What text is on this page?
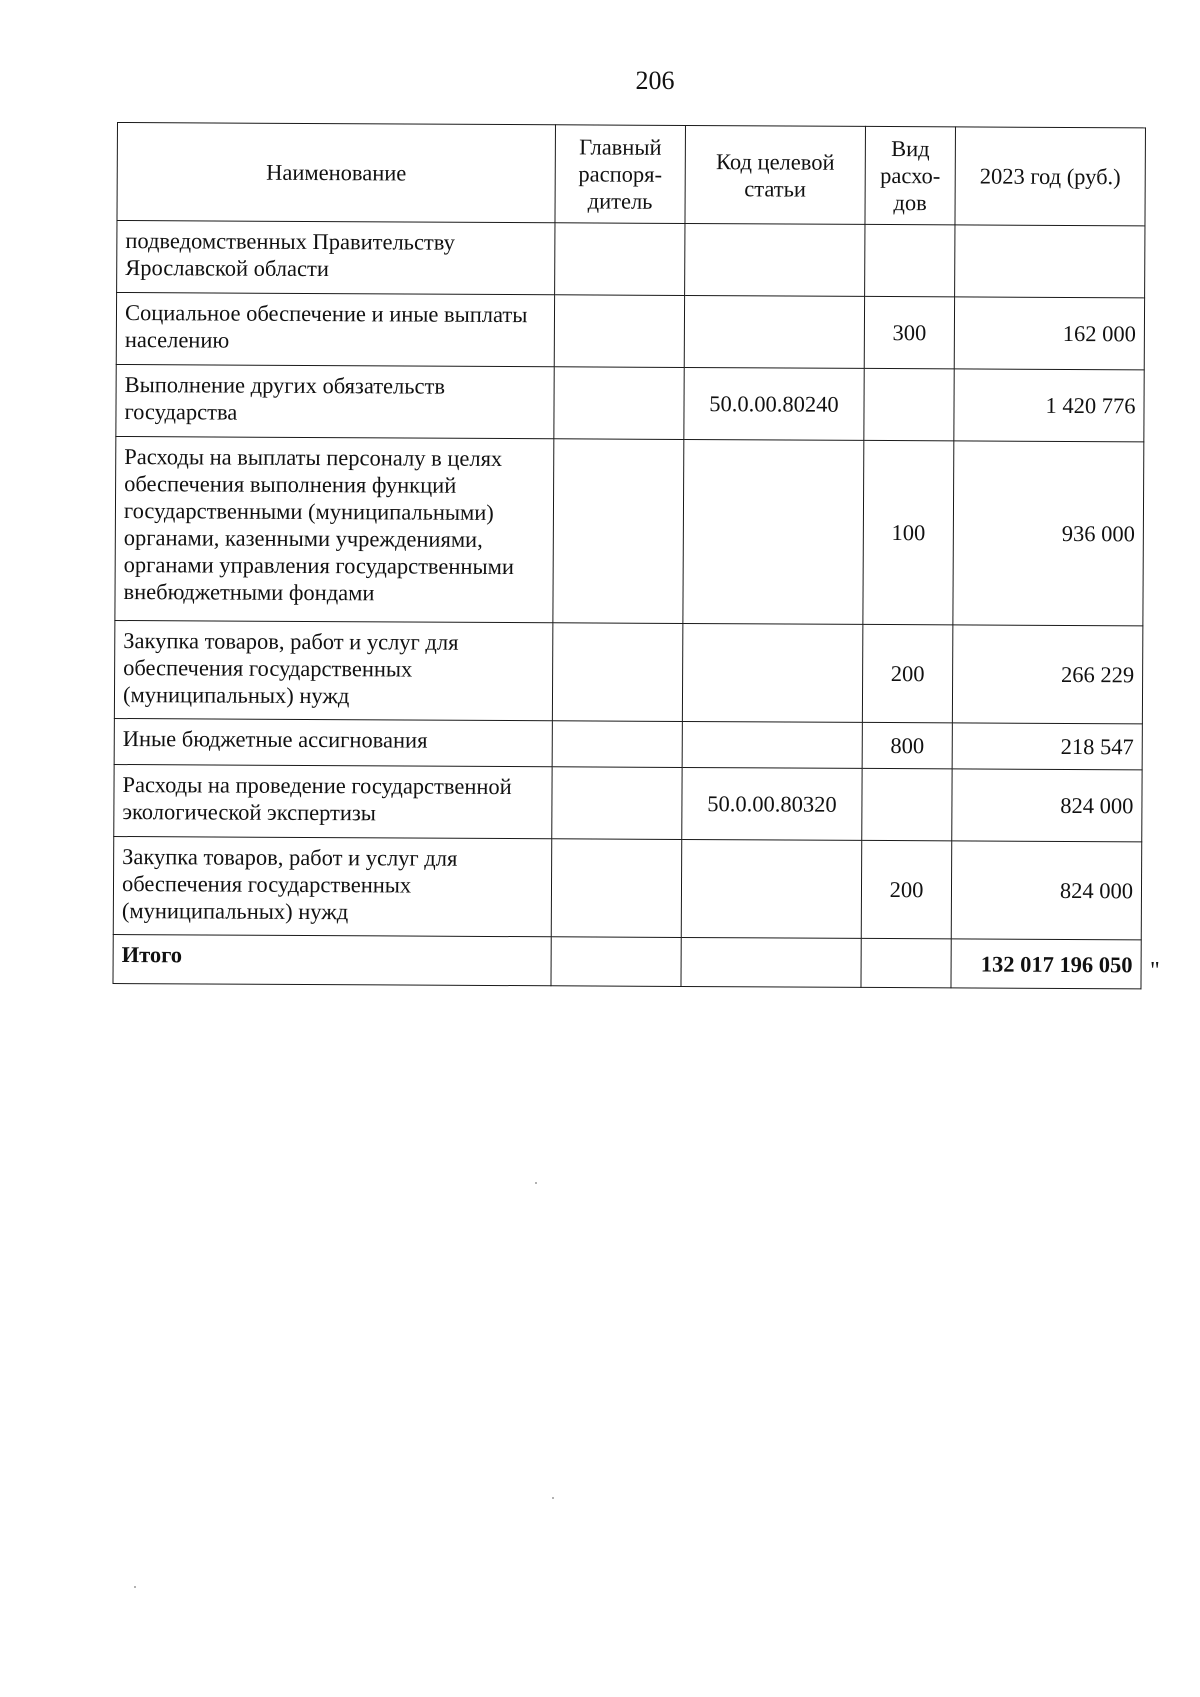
206
Наименование	Главный распоря-дитель	Код целевой статьи	Вид расхо-дов	2023 год (руб.)
подведомственных Правительству Ярославской области				
Социальное обеспечение и иные выплаты населению			300	162 000
Выполнение других обязательств государства		50.0.00.80240		1 420 776
Расходы на выплаты персоналу в целях обеспечения выполнения функций государственными (муниципальными) органами, казенными учреждениями, органами управления государственными внебюджетными фондами			100	936 000
Закупка товаров, работ и услуг для обеспечения государственных (муниципальных) нужд			200	266 229
Иные бюджетные ассигнования			800	218 547
Расходы на проведение государственной экологической экспертизы		50.0.00.80320		824 000
Закупка товаров, работ и услуг для обеспечения государственных (муниципальных) нужд			200	824 000
Итого				132 017 196 050 "
